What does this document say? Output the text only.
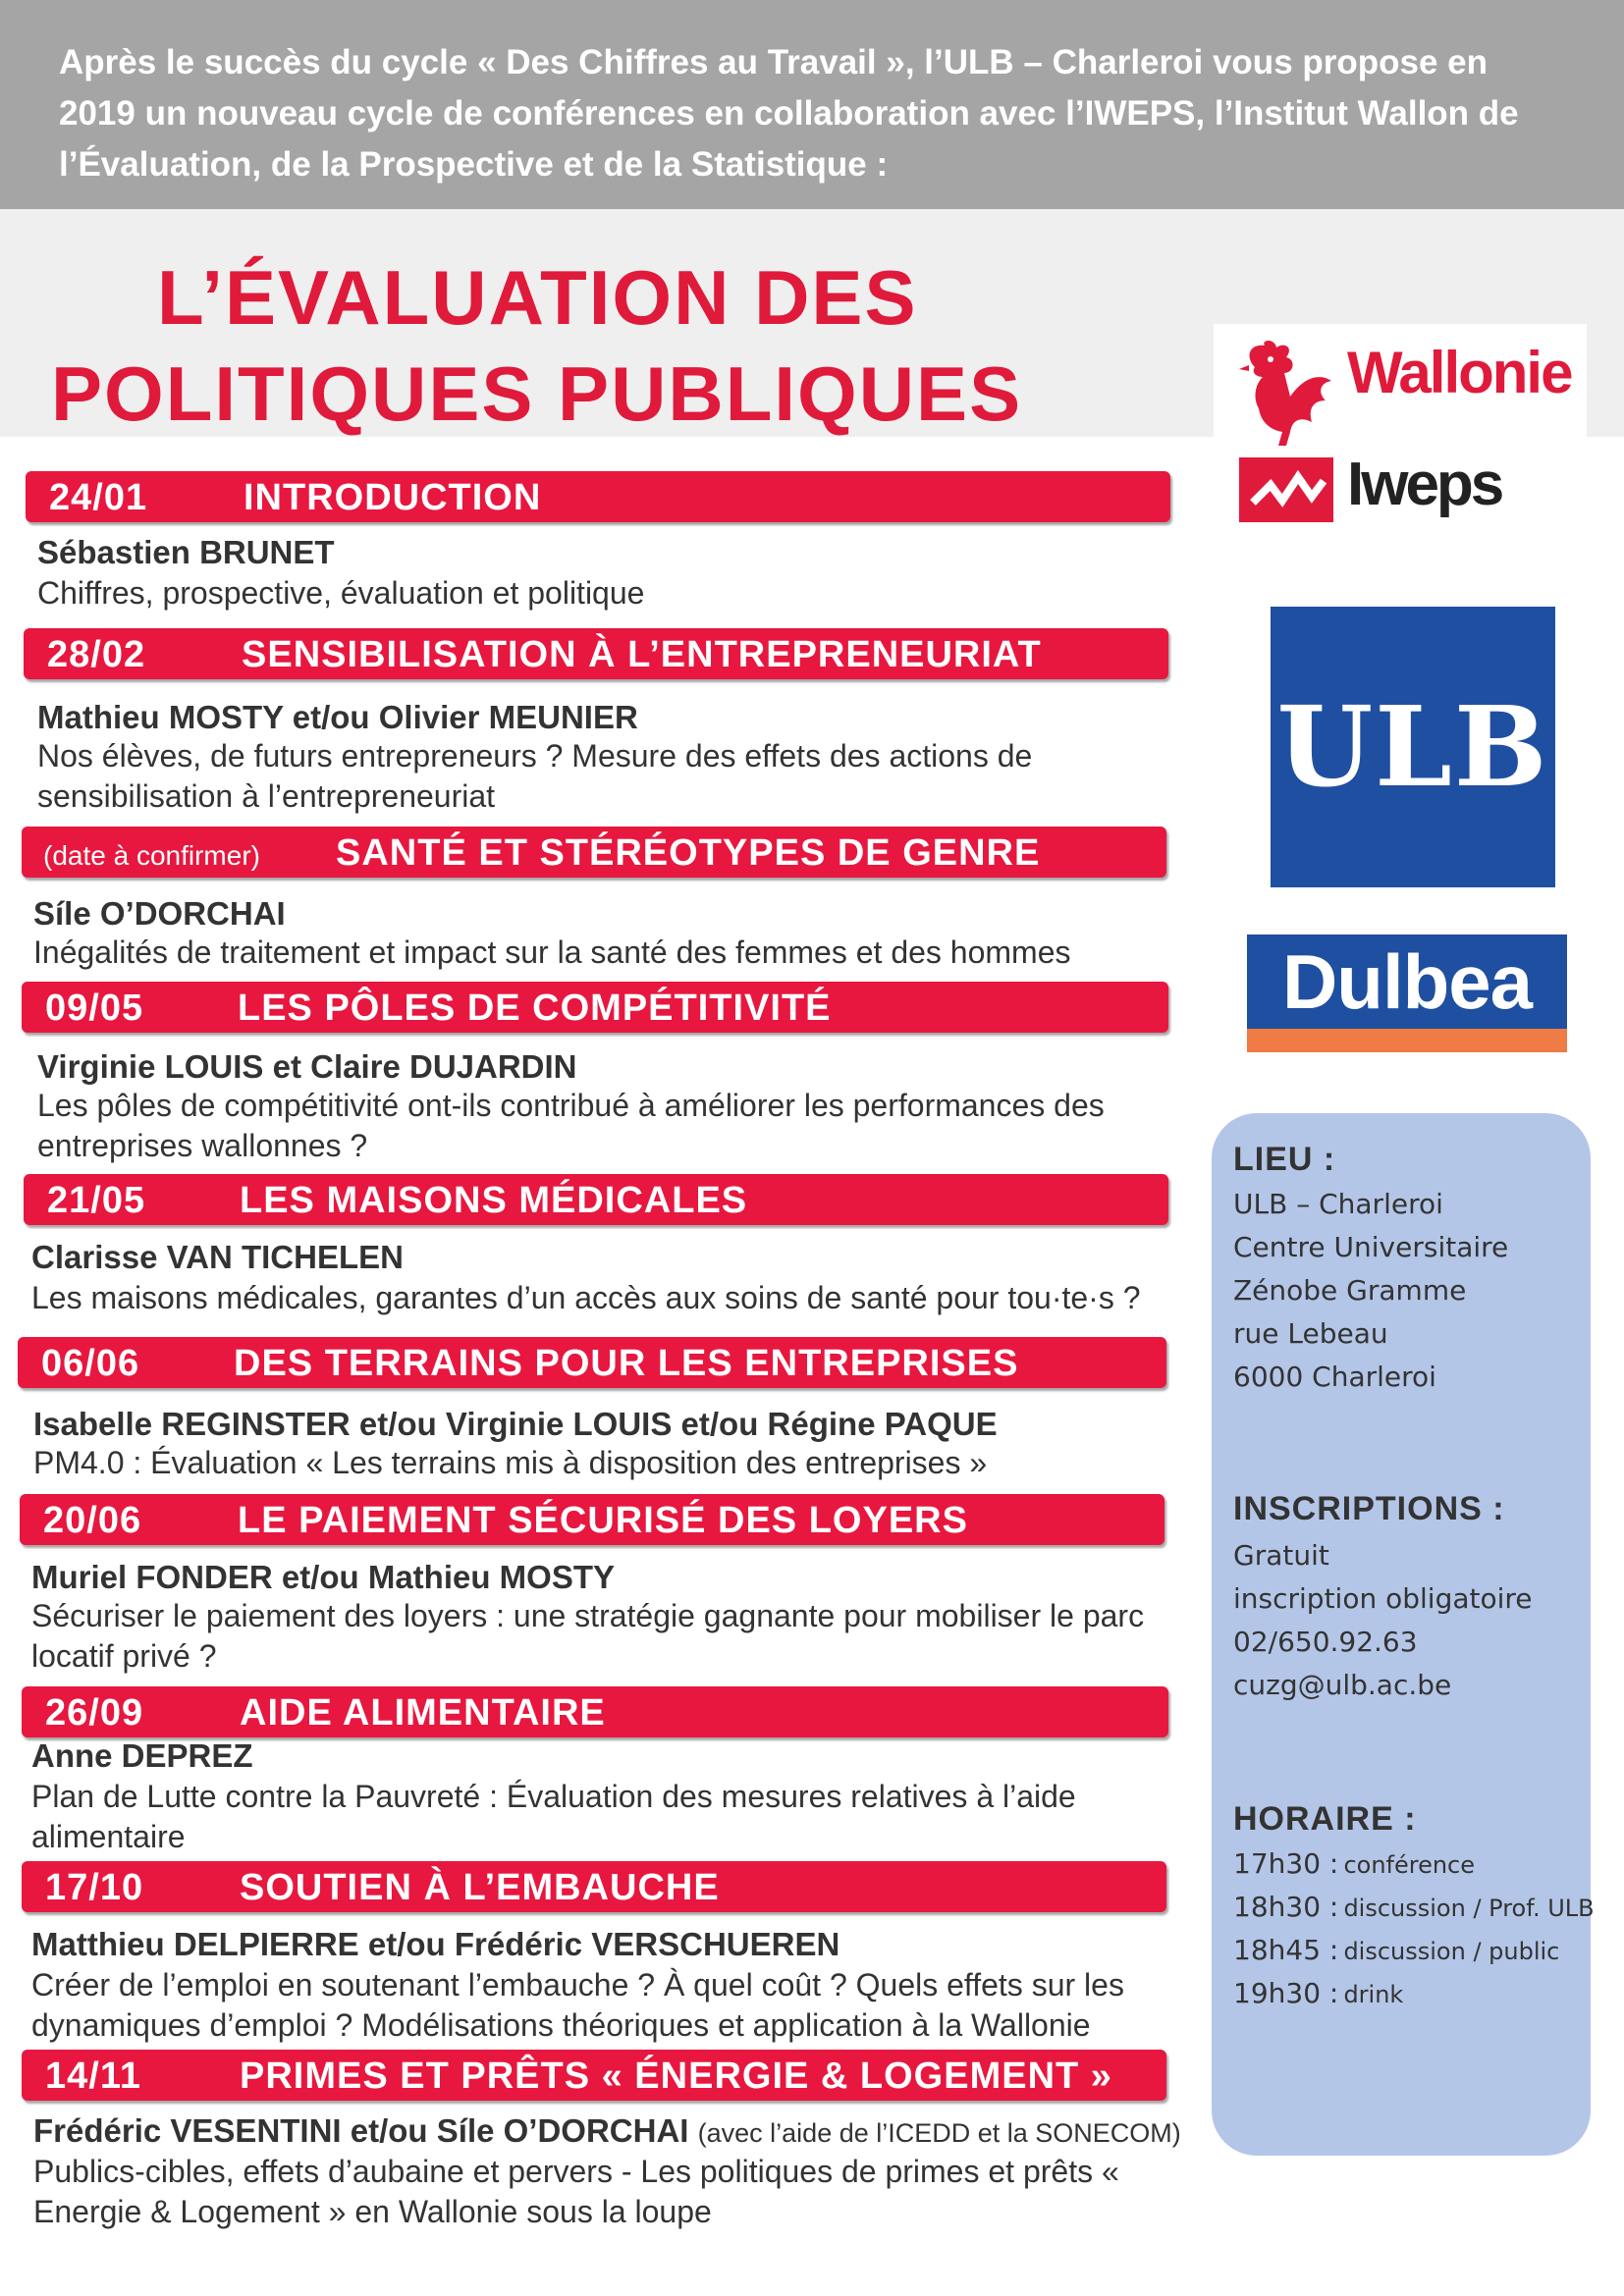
Après le succès du cycle « Des Chiffres au Travail », l’ULB – Charleroi vous propose en 2019 un nouveau cycle de conférences en collaboration avec l’IWEPS, l’Institut Wallon de l’Évaluation, de la Prospective et de la Statistique :
L’ÉVALUATION DES
POLITIQUES PUBLIQUES	Wallonie
Iweps
ULB
Dulbea
LIEU :
ULB – Charleroi
Centre Universitaire
Zénobe Gramme
rue Lebeau
6000 Charleroi
INSCRIPTIONS :
Gratuit
inscription obligatoire
02/650.92.63
cuzg@ulb.ac.be
HORAIRE :
17h30 : conférence
18h30 : discussion / Prof. ULB
18h45 : discussion / public
19h30 : drink
24/01	INTRODUCTION
Sébastien BRUNET
Chiffres, prospective, évaluation et politique
28/02	SENSIBILISATION À L’ENTREPRENEURIAT
Mathieu MOSTY et/ou Olivier MEUNIER
Nos élèves, de futurs entrepreneurs ? Mesure des effets des actions de sensibilisation à l’entrepreneuriat
(date à confirmer) SANTÉ ET STÉRÉOTYPES DE GENRE
Síle O’DORCHAI
Inégalités de traitement et impact sur la santé des femmes et des hommes
09/05	LES PÔLES DE COMPÉTITIVITÉ
Virginie LOUIS et Claire DUJARDIN
Les pôles de compétitivité ont-ils contribué à améliorer les performances des entreprises wallonnes ?
21/05	LES MAISONS MÉDICALES
Clarisse VAN TICHELEN
Les maisons médicales, garantes d’un accès aux soins de santé pour tou·te·s ?
06/06	DES TERRAINS POUR LES ENTREPRISES
Isabelle REGINSTER et/ou Virginie LOUIS et/ou Régine PAQUE
PM4.0 : Évaluation « Les terrains mis à disposition des entreprises »
20/06	LE PAIEMENT SÉCURISÉ DES LOYERS
Muriel FONDER et/ou Mathieu MOSTY
Sécuriser le paiement des loyers : une stratégie gagnante pour mobiliser le parc locatif privé ?
26/09	AIDE ALIMENTAIRE
Anne DEPREZ
Plan de Lutte contre la Pauvreté : Évaluation des mesures relatives à l’aide alimentaire
17/10	SOUTIEN À L’EMBAUCHE
Matthieu DELPIERRE et/ou Frédéric VERSCHUEREN
Créer de l’emploi en soutenant l’embauche ? À quel coût ? Quels effets sur les dynamiques d’emploi ? Modélisations théoriques et application à la Wallonie
14/11	PRIMES ET PRÊTS « ÉNERGIE & LOGEMENT »
Frédéric VESENTINI et/ou Síle O’DORCHAI (avec l’aide de l’ICEDD et la SONECOM)
Publics-cibles, effets d’aubaine et pervers - Les politiques de primes et prêts « Energie & Logement » en Wallonie sous la loupe
